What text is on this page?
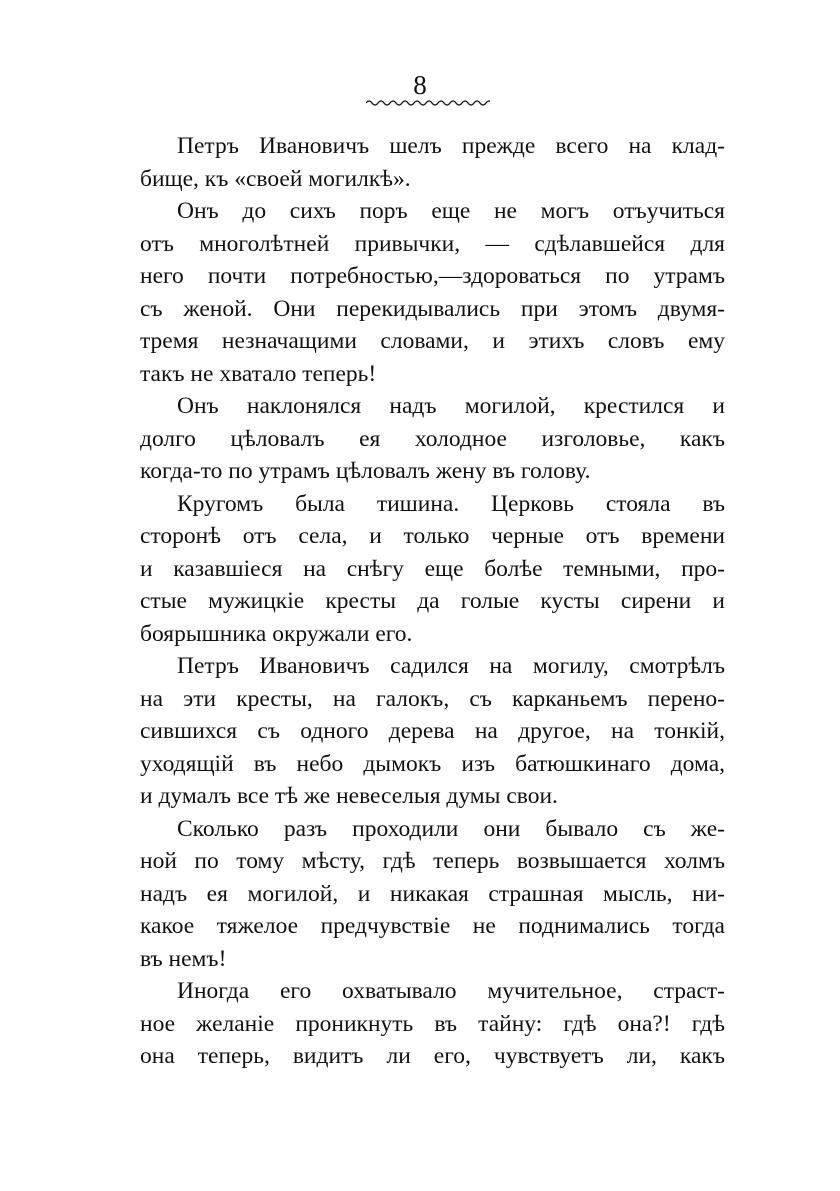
8

Петръ Ивановичъ шелъ прежде всего на клад-
бище, къ «своей могилкѣ».

Онъ до сихъ поръ еще не могъ отъучиться
отъ многолѣтней привычки, — сдѣлавшейся для
него почти потребностью,—здороваться по утрамъ
съ женой. Они перекидывались при этомъ двумя-
тремя незначащими словами, и этихъ словъ ему
такъ не хватало теперь!

Онъ наклонялся надъ могилой, крестился и
долго цѣловалъ ея холодное изголовье, какъ
когда-то по утрамъ цѣловалъ жену въ голову.

Кругомъ была тишина. Церковь стояла въ
сторонѣ отъ села, и только черные отъ времени
и казавшіеся на снѣгу еще болѣе темными, про-
стые мужицкіе кресты да голые кусты сирени и
боярышника окружали его.

Петръ Ивановичъ садился на могилу, смотрѣлъ
на эти кресты, на галокъ, съ карканьемъ перено-
сившихся съ одного дерева на другое, на тонкій,
уходящій въ небо дымокъ изъ батюшкинаго дома,
и думалъ все тѣ же невеселыя думы свои.

Сколько разъ проходили они бывало съ же-
ной по тому мѣсту, гдѣ теперь возвышается холмъ
надъ ея могилой, и никакая страшная мысль, ни-
какое тяжелое предчувствіе не поднимались тогда
въ немъ!

Иногда его охватывало мучительное, страст-
ное желаніе проникнуть въ тайну: гдѣ она?! гдѣ
она теперь, видитъ ли его, чувствуетъ ли, какъ
